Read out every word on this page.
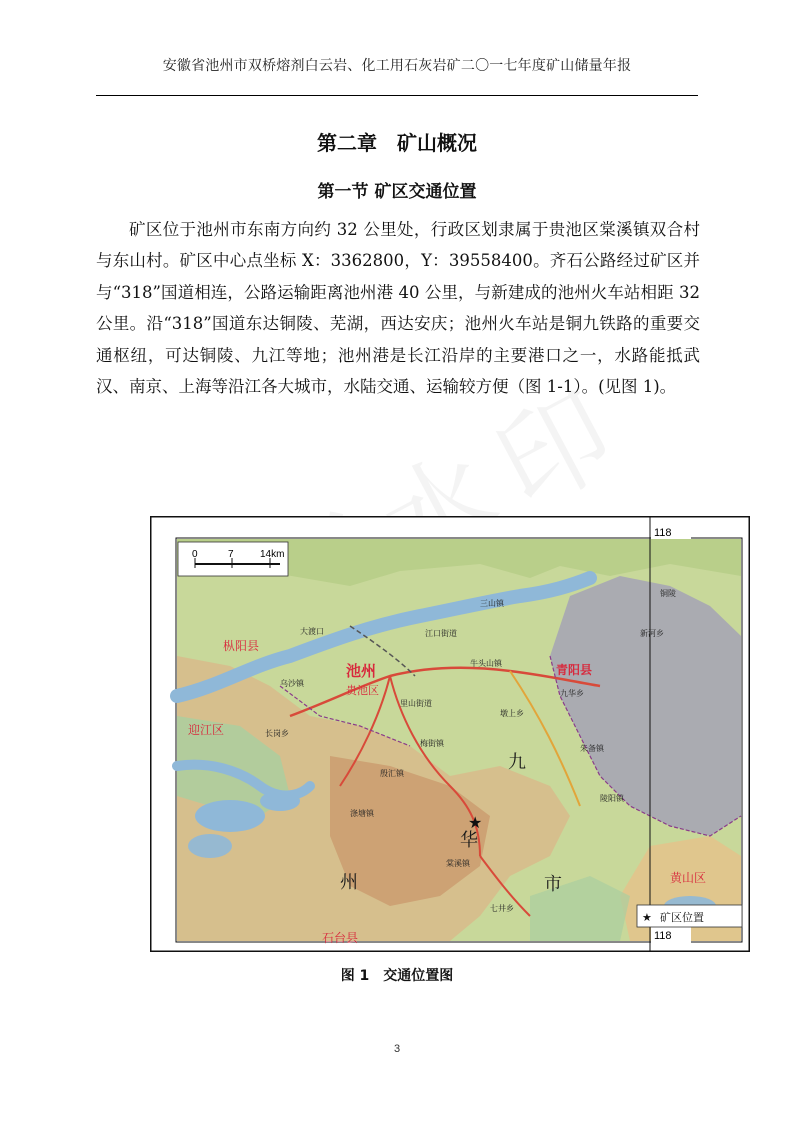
安徽省池州市双桥熔剂白云岩、化工用石灰岩矿二〇一七年度矿山储量年报
第二章　矿山概况
第一节 矿区交通位置
矿区位于池州市东南方向约 32 公里处，行政区划隶属于贵池区棠溪镇双合村与东山村。矿区中心点坐标 X：3362800，Y：39558400。齐石公路经过矿区并与“318”国道相连，公路运输距离池州港 40 公里，与新建成的池州火车站相距 32 公里。沿“318”国道东达铜陵、芜湖，西达安庆；池州火车站是铜九铁路的重要交通枢纽，可达铜陵、九江等地；池州港是长江沿岸的主要港口之一，水路能抵武汉、南京、上海等沿江各大城市，水陆交通、运输较方便（图 1-1）。(见图 1)。
0	7	14km
118
118
池州
贵池区
青阳县
枞阳县
迎江区
黄山区
石台县
州	市
九
华
梅街镇
棠溪镇
大渡口	江口街道
里山街道
墩上乡
牛头山镇
新河乡
朱备镇
陵阳镇
七井乡
殷汇镇
乌沙镇
长岗乡
涤塘镇
九华乡
三山镇
铜陵
★
★ 矿区位置
图 1　交通位置图
3
